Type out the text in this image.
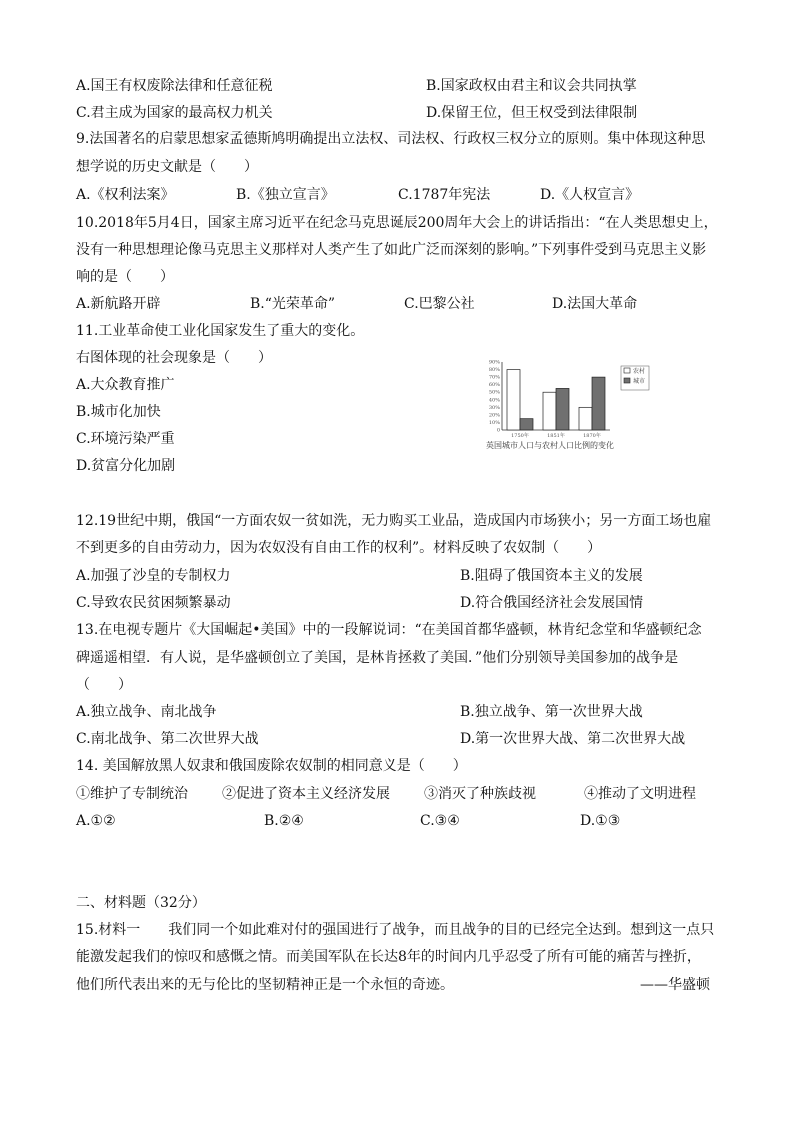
A.国王有权废除法律和任意征税	B.国家政权由君主和议会共同执掌
C.君主成为国家的最高权力机关	D.保留王位，但王权受到法律限制
9.法国著名的启蒙思想家孟德斯鸠明确提出立法权、司法权、行政权三权分立的原则。集中体现这种思
想学说的历史文献是（　　）
A.《权利法案》	B.《独立宣言》	C.1787年宪法	D.《人权宣言》
10.2018年5月4日，国家主席习近平在纪念马克思诞辰200周年大会上的讲话指出：“在人类思想史上，
没有一种思想理论像马克思主义那样对人类产生了如此广泛而深刻的影响。”下列事件受到马克思主义影
响的是（　　）
A.新航路开辟	B.“光荣革命”	C.巴黎公社	D.法国大革命
11.工业革命使工业化国家发生了重大的变化。
右图体现的社会现象是（　　）
A.大众教育推广
B.城市化加快
C.环境污染严重
D.贫富分化加剧
0
10%
20%
30%
40%
50%
60%
70%
80%
90%
1750年	1851年	1870年
农村
城市
英国城市人口与农村人口比例的变化
12.19世纪中期，俄国“一方面农奴一贫如洗，无力购买工业品，造成国内市场狭小；另一方面工场也雇
不到更多的自由劳动力，因为农奴没有自由工作的权利”。材料反映了农奴制（　　）
A.加强了沙皇的专制权力	B.阻碍了俄国资本主义的发展
C.导致农民贫困频繁暴动	D.符合俄国经济社会发展国情
13.在电视专题片《大国崛起•美国》中的一段解说词：“在美国首都华盛顿，林肯纪念堂和华盛顿纪念
碑遥遥相望．有人说，是华盛顿创立了美国，是林肯拯救了美国．”他们分别领导美国参加的战争是
（　　）
A.独立战争、南北战争	B.独立战争、第一次世界大战
C.南北战争、第二次世界大战	D.第一次世界大战、第二次世界大战
14. 美国解放黑人奴隶和俄国废除农奴制的相同意义是（　　）
①维护了专制统治 ②促进了资本主义经济发展 ③消灭了种族歧视	④推动了文明进程
A.①②	B.②④	C.③④	D.①③
二、材料题（32分）
15.材料一　　我们同一个如此难对付的强国进行了战争，而且战争的目的已经完全达到。想到这一点只
能激发起我们的惊叹和感慨之情。而美国军队在长达8年的时间内几乎忍受了所有可能的痛苦与挫折，
他们所代表出来的无与伦比的坚韧精神正是一个永恒的奇迹。	——华盛顿
